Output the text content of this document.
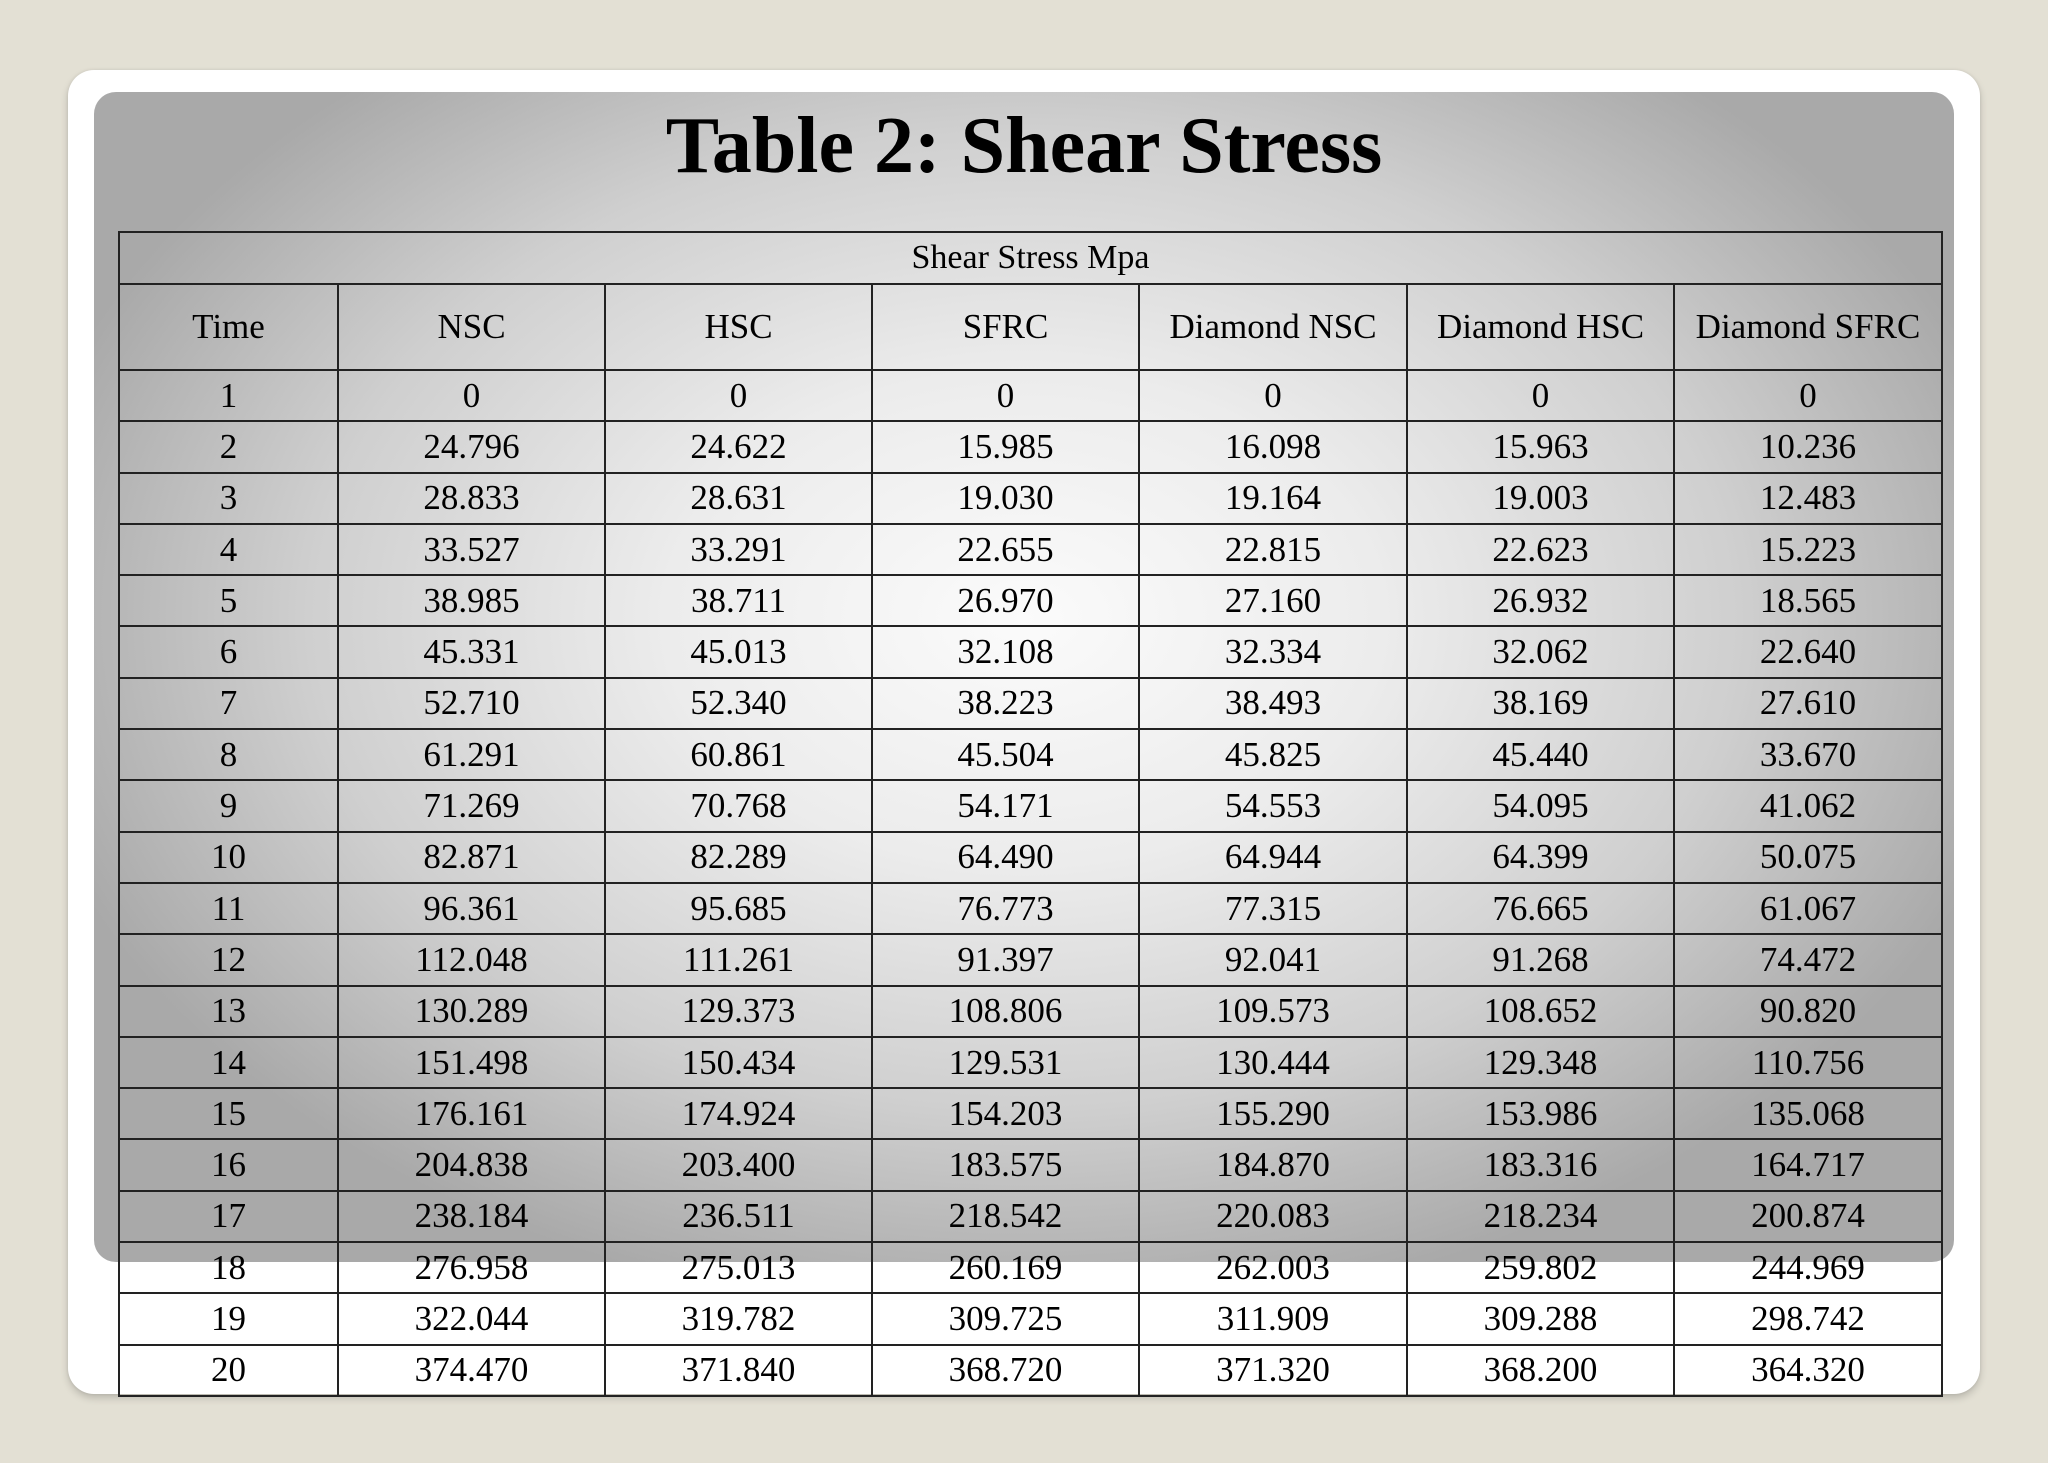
Table 2: Shear Stress
Shear Stress Mpa						
Time	NSC	HSC	SFRC	Diamond NSC	Diamond HSC	Diamond SFRC
1	0	0	0	0	0	0
2	24.796	24.622	15.985	16.098	15.963	10.236
3	28.833	28.631	19.030	19.164	19.003	12.483
4	33.527	33.291	22.655	22.815	22.623	15.223
5	38.985	38.711	26.970	27.160	26.932	18.565
6	45.331	45.013	32.108	32.334	32.062	22.640
7	52.710	52.340	38.223	38.493	38.169	27.610
8	61.291	60.861	45.504	45.825	45.440	33.670
9	71.269	70.768	54.171	54.553	54.095	41.062
10	82.871	82.289	64.490	64.944	64.399	50.075
11	96.361	95.685	76.773	77.315	76.665	61.067
12	112.048	111.261	91.397	92.041	91.268	74.472
13	130.289	129.373	108.806	109.573	108.652	90.820
14	151.498	150.434	129.531	130.444	129.348	110.756
15	176.161	174.924	154.203	155.290	153.986	135.068
16	204.838	203.400	183.575	184.870	183.316	164.717
17	238.184	236.511	218.542	220.083	218.234	200.874
18	276.958	275.013	260.169	262.003	259.802	244.969
19	322.044	319.782	309.725	311.909	309.288	298.742
20	374.470	371.840	368.720	371.320	368.200	364.320
